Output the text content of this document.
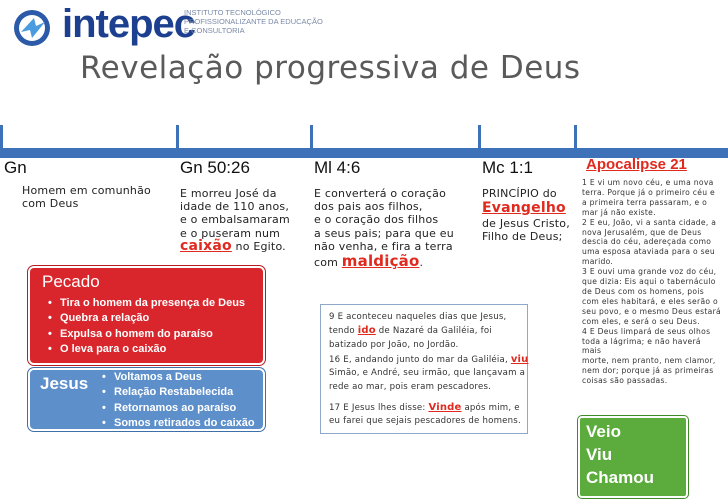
intepec
INSTITUTO TECNOLÓGICO
PROFISSIONALIZANTE DA EDUCAÇÃO
E CONSULTORIA
Revelação progressiva de Deus
Gn
Homem em comunhão
com Deus
Gn 50:26
E morreu José da
idade de 110 anos,
e o embalsamaram
e o puseram num
caixão no Egito.
Ml 4:6
E converterá o coração
dos pais aos filhos,
e o coração dos filhos
a seus pais; para que eu
não venha, e fira a terra
com maldição.
Mc 1:1
PRINCÍPIO do
Evangelho
de Jesus Cristo,
Filho de Deus;
Apocalipse 21
1 E vi um novo céu, e uma nova
terra. Porque já o primeiro céu e
a primeira terra passaram, e o
mar já não existe.
2 E eu, João, vi a santa cidade, a
nova Jerusalém, que de Deus
descia do céu, adereçada como
uma esposa ataviada para o seu
marido.
3 E ouvi uma grande voz do céu,
que dizia: Eis aqui o tabernáculo
de Deus com os homens, pois
com eles habitará, e eles serão o
seu povo, e o mesmo Deus estará
com eles, e será o seu Deus.
4 E Deus limpará de seus olhos
toda a lágrima; e não haverá mais
morte, nem pranto, nem clamor,
nem dor; porque já as primeiras
coisas são passadas.
Pecado
• Tira o homem da presença de Deus
• Quebra a relação
• Expulsa o homem do paraíso
• O leva para o caixão
Jesus
•	Voltamos a Deus
• Relação Restabelecida
• Retornamos ao paraíso
• Somos retirados do caixão
9 E aconteceu naqueles dias que Jesus,
tendo ido de Nazaré da Galiléia, foi
batizado por João, no Jordão.
16 E, andando junto do mar da Galiléia, viu
Simão, e André, seu irmão, que lançavam a
rede ao mar, pois eram pescadores.
17 E Jesus lhes disse: Vinde após mim, e
eu farei que sejais pescadores de homens.
Veio
Viu
Chamou
